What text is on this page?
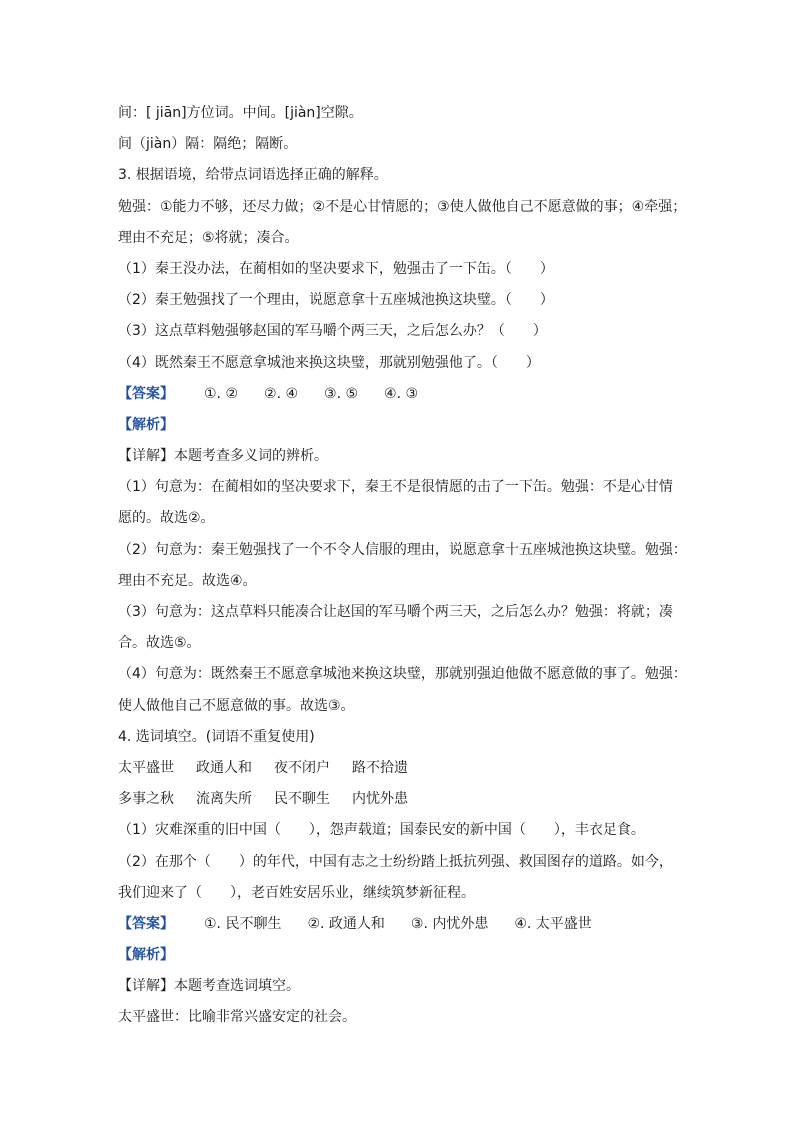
间：[ jiān]方位词。中间。[jiàn]空隙。
间（jiàn）隔：隔绝；隔断。
3. 根据语境，给带点词语选择正确的解释。
勉强：①能力不够，还尽力做；②不是心甘情愿的；③使人做他自己不愿意做的事；④牵强；
理由不充足；⑤将就；凑合。
（1）秦王没办法，在蔺相如的坚决要求下，勉强击了一下缶。（　　）
（2）秦王勉强找了一个理由，说愿意拿十五座城池换这块璧。（　　）
（3）这点草料勉强够赵国的军马嚼个两三天，之后怎么办？（　　）
（4）既然秦王不愿意拿城池来换这块璧，那就别勉强他了。（　　）
【答案】 ①. ② ②. ④ ③. ⑤ ④. ③
【解析】
【详解】本题考查多义词的辨析。
（1）句意为：在蔺相如的坚决要求下，秦王不是很情愿的击了一下缶。勉强：不是心甘情
愿的。故选②。
（2）句意为：秦王勉强找了一个不令人信服的理由，说愿意拿十五座城池换这块璧。勉强：
理由不充足。故选④。
（3）句意为：这点草料只能凑合让赵国的军马嚼个两三天，之后怎么办？勉强：将就；凑
合。故选⑤。
（4）句意为：既然秦王不愿意拿城池来换这块璧，那就别强迫他做不愿意做的事了。勉强：
使人做他自己不愿意做的事。故选③。
4. 选词填空。(词语不重复使用)
太平盛世 政通人和 夜不闭户 路不拾遗
多事之秋 流离失所 民不聊生 内忧外患
（1）灾难深重的旧中国（　　），怨声载道；国泰民安的新中国（　　），丰衣足食。
（2）在那个（　　）的年代，中国有志之士纷纷踏上抵抗列强、救国图存的道路。如今，
我们迎来了（　　），老百姓安居乐业，继续筑梦新征程。
【答案】 ①. 民不聊生 ②. 政通人和 ③. 内忧外患 ④. 太平盛世
【解析】
【详解】本题考查选词填空。
太平盛世：比喻非常兴盛安定的社会。
